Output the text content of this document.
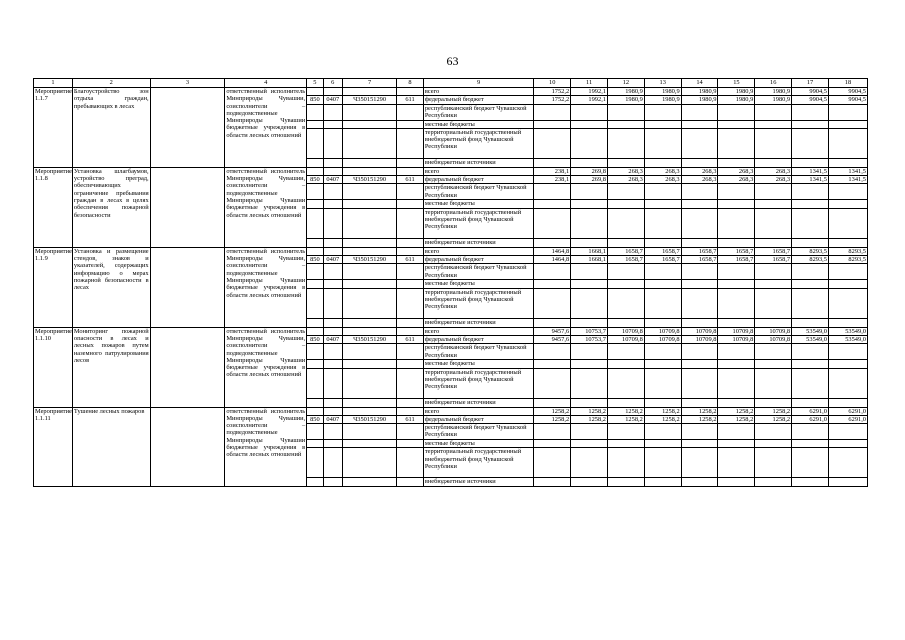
63
1	2	3	4	5	6	7	8	9	10	11	12	13	14	15	16	17	18
Мероприятие 1.1.7	Благоустройство зон отдыха граждан, пребывающих в лесах		ответственный исполнитель Минприроды Чувашии, соисполнители – подведомственные Минприроды Чувашии бюджетные учреждения в области лесных отношений					всего	1752,2	1992,1	1980,9	1980,9	1980,9	1980,9	1980,9	9904,5	9904,5
				850	0407	Ч350151290	611	федеральный бюджет	1752,2	1992,1	1980,9	1980,9	1980,9	1980,9	1980,9	9904,5	9904,5
								республиканский бюджет Чувашской Республики									
								местные бюджеты									
								территориальный государственный внебюджетный фонд Чувашской Республики									
								внебюджетные источники									
Мероприятие 1.1.8	Установка шлагбаумов, устройство преград, обеспечивающих ограничение пребывания граждан в лесах в целях обеспечения пожарной безопасности		ответственный исполнитель Минприроды Чувашии, соисполнители – подведомственные Минприроды Чувашии бюджетные учреждения в области лесных отношений					всего	238,1	269,8	268,3	268,3	268,3	268,3	268,3	1341,5	1341,5
				850	0407	Ч350151290	611	федеральный бюджет	238,1	269,8	268,3	268,3	268,3	268,3	268,3	1341,5	1341,5
								республиканский бюджет Чувашской Республики									
								местные бюджеты									
								территориальный государственный внебюджетный фонд Чувашской Республики									
								внебюджетные источники									
Мероприятие 1.1.9	Установка и размещение стендов, знаков и указателей, содержащих информацию о мерах пожарной безопасности в лесах		ответственный исполнитель Минприроды Чувашии, соисполнители – подведомственные Минприроды Чувашии бюджетные учреждения в области лесных отношений					всего	1464,8	1668,1	1658,7	1658,7	1658,7	1658,7	1658,7	8293,5	8293,5
				850	0407	Ч350151290	611	федеральный бюджет	1464,8	1668,1	1658,7	1658,7	1658,7	1658,7	1658,7	8293,5	8293,5
								республиканский бюджет Чувашской Республики									
								местные бюджеты									
								территориальный государственный внебюджетный фонд Чувашской Республики									
								внебюджетные источники									
Мероприятие 1.1.10	Мониторинг пожарной опасности в лесах и лесных пожаров путем наземного патрулирования лесов		ответственный исполнитель Минприроды Чувашии, соисполнители – подведомственные Минприроды Чувашии бюджетные учреждения в области лесных отношений					всего	9457,6	10753,7	10709,8	10709,8	10709,8	10709,8	10709,8	53549,0	53549,0
				850	0407	Ч350151290	611	федеральный бюджет	9457,6	10753,7	10709,8	10709,8	10709,8	10709,8	10709,8	53549,0	53549,0
								республиканский бюджет Чувашской Республики									
								местные бюджеты									
								территориальный государственный внебюджетный фонд Чувашской Республики									
								внебюджетные источники									
Мероприятие 1.1.11	Тушение лесных пожаров		ответственный исполнитель Минприроды Чувашии, соисполнители – подведомственные Минприроды Чувашии бюджетные учреждения в области лесных отношений					всего	1258,2	1258,2	1258,2	1258,2	1258,2	1258,2	1258,2	6291,0	6291,0
				850	0407	Ч350151290	611	федеральный бюджет	1258,2	1258,2	1258,2	1258,2	1258,2	1258,2	1258,2	6291,0	6291,0
								республиканский бюджет Чувашской Республики									
								местные бюджеты									
								территориальный государственный внебюджетный фонд Чувашской Республики									
								внебюджетные источники									
